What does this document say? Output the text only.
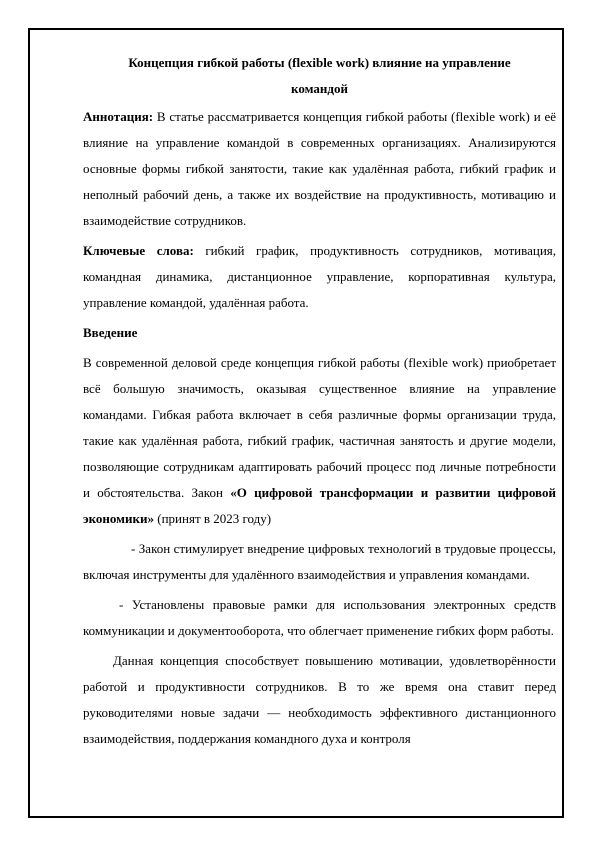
Концепция гибкой работы (flexible work) влияние на управление командой

Аннотация: В статье рассматривается концепция гибкой работы (flexible work) и её влияние на управление командой в современных организациях. Анализируются основные формы гибкой занятости, такие как удалённая работа, гибкий график и неполный рабочий день, а также их воздействие на продуктивность, мотивацию и взаимодействие сотрудников.

Ключевые слова: гибкий график, продуктивность сотрудников, мотивация, командная динамика, дистанционное управление, корпоративная культура, управление командой, удалённая работа.

Введение

В современной деловой среде концепция гибкой работы (flexible work) приобретает всё большую значимость, оказывая существенное влияние на управление командами. Гибкая работа включает в себя различные формы организации труда, такие как удалённая работа, гибкий график, частичная занятость и другие модели, позволяющие сотрудникам адаптировать рабочий процесс под личные потребности и обстоятельства. Закон «О цифровой трансформации и развитии цифровой экономики» (принят в 2023 году)

- Закон стимулирует внедрение цифровых технологий в трудовые процессы, включая инструменты для удалённого взаимодействия и управления командами.

- Установлены правовые рамки для использования электронных средств коммуникации и документооборота, что облегчает применение гибких форм работы.

Данная концепция способствует повышению мотивации, удовлетворённости работой и продуктивности сотрудников. В то же время она ставит перед руководителями новые задачи — необходимость эффективного дистанционного взаимодействия, поддержания командного духа и контроля
